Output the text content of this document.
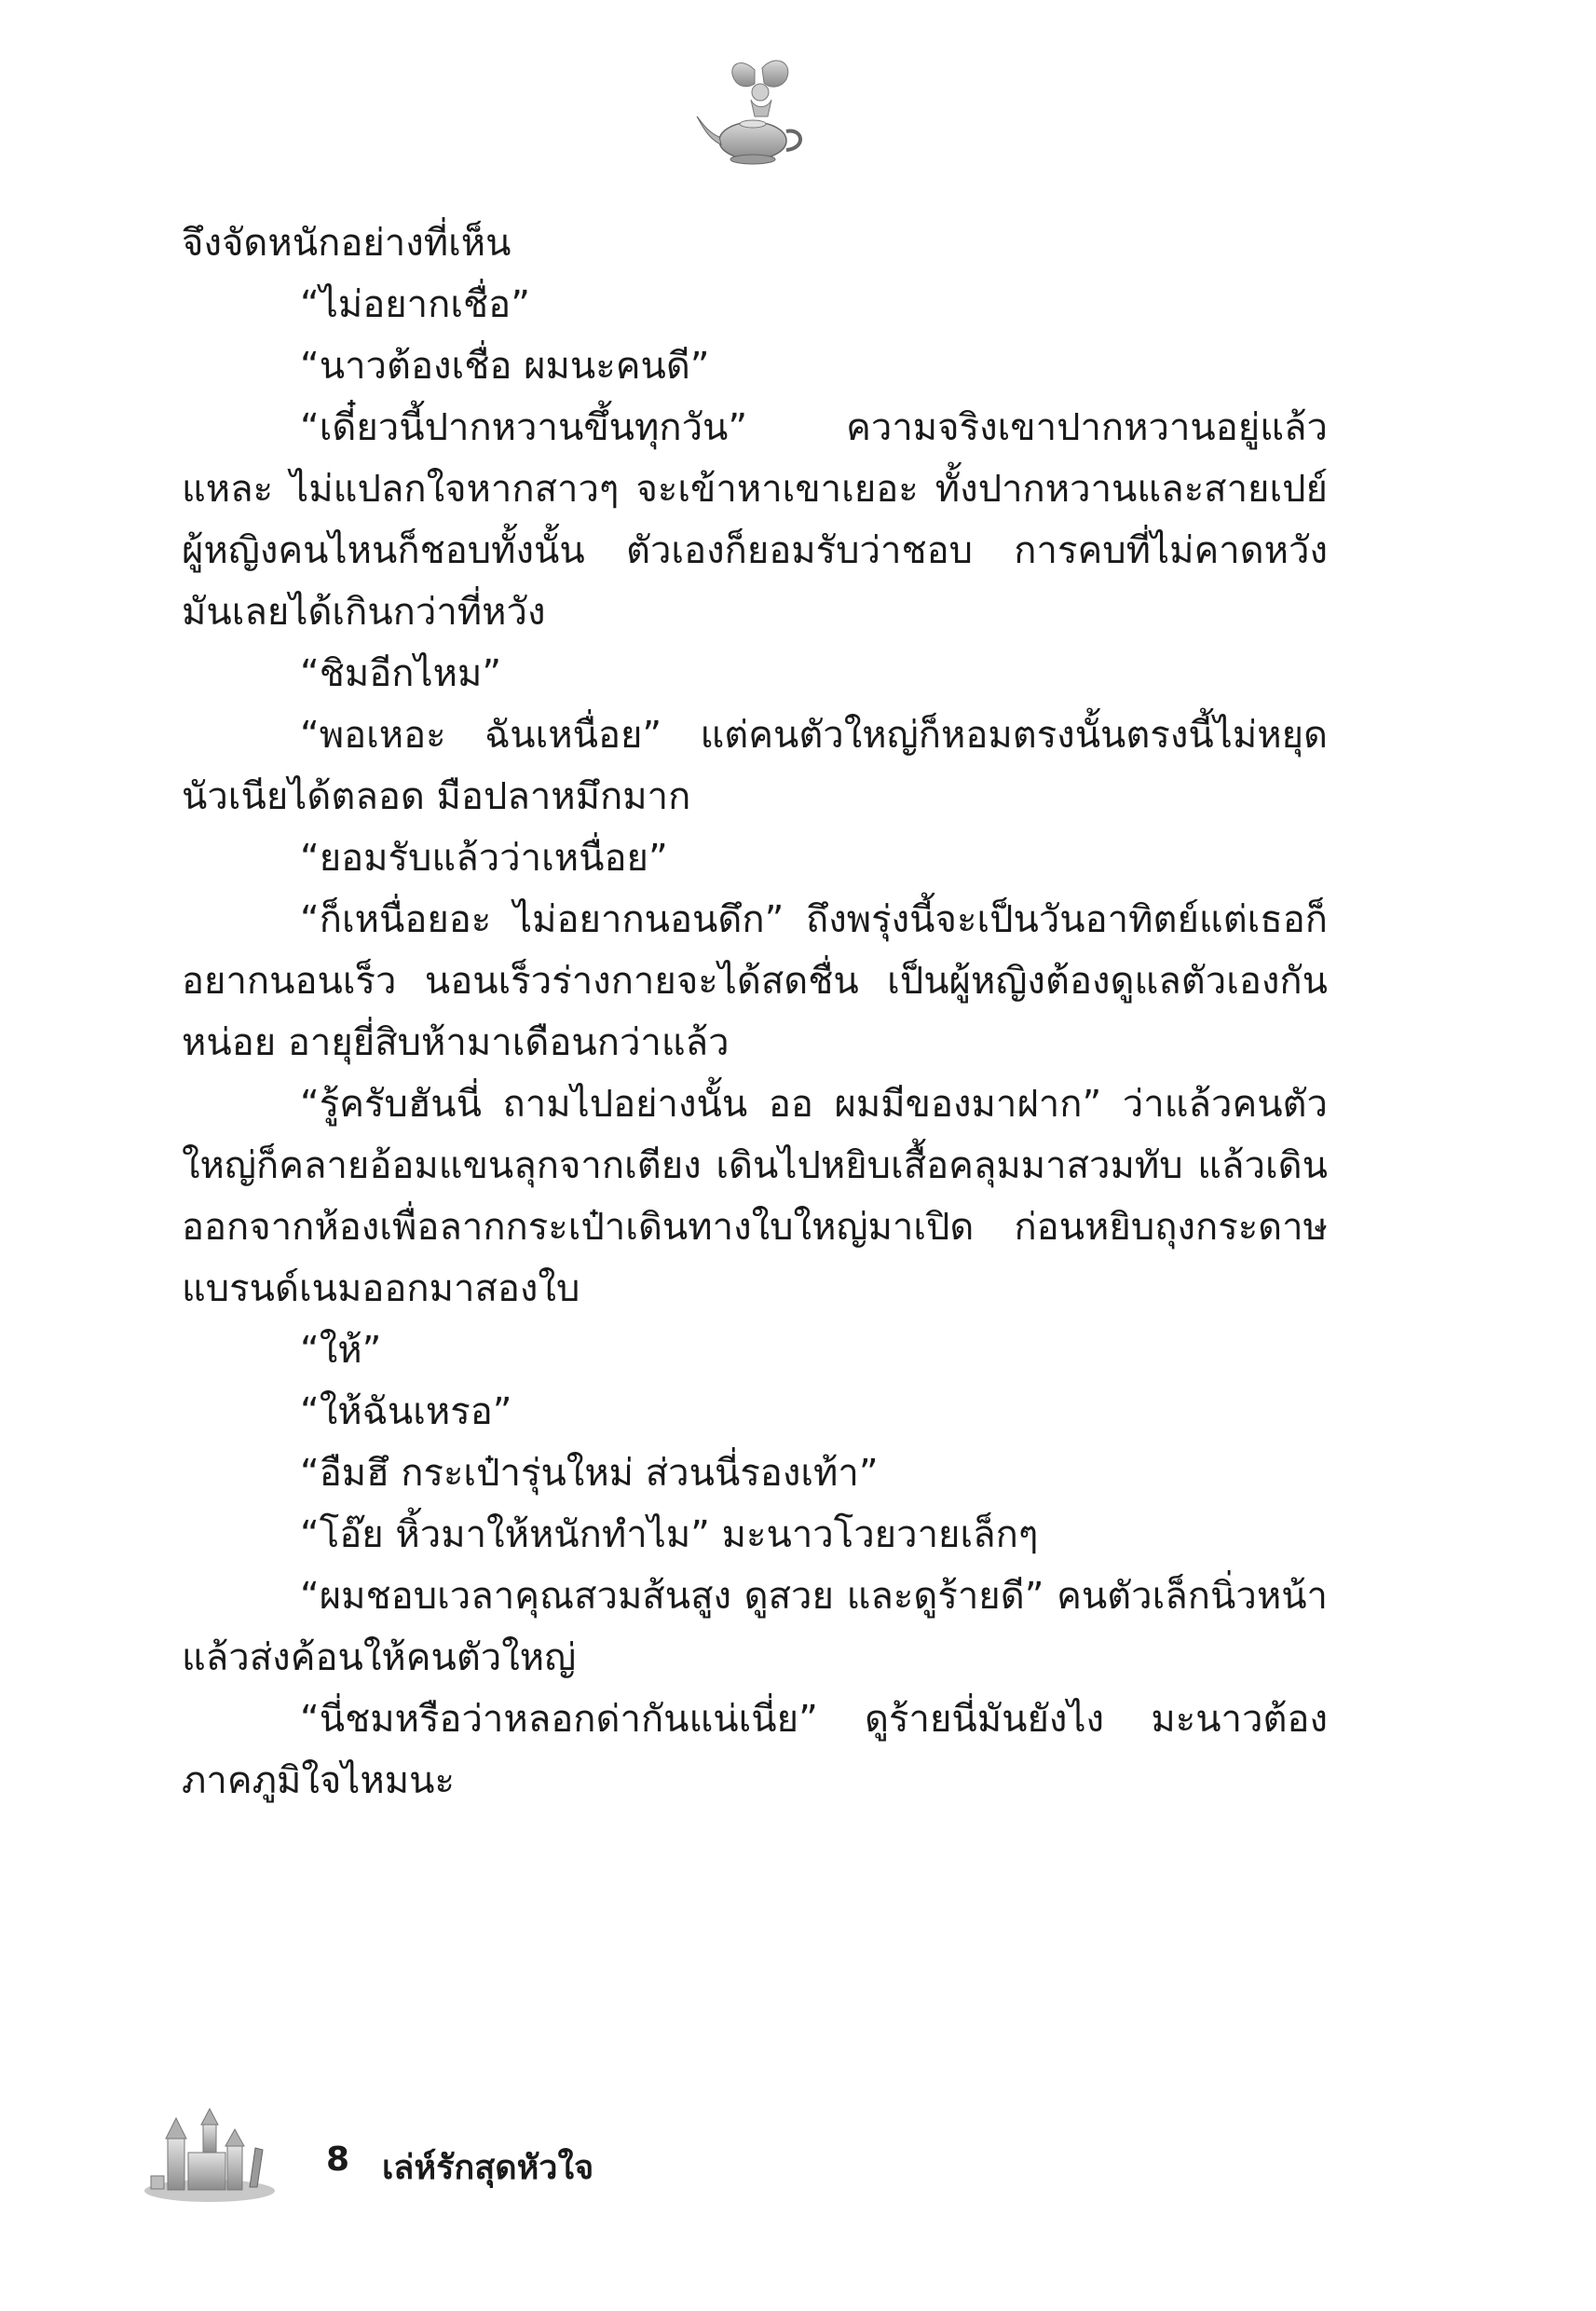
จึงจัดหนักอย่างที่เห็น

“ไม่อยากเชื่อ”

“นาวต้องเชื่อ ผมนะคนดี”

“เดี๋ยวนี้ปากหวานขึ้นทุกวัน” ความจริงเขาปากหวานอยู่แล้วแหละ ไม่แปลกใจหากสาวๆ จะเข้าหาเขาเยอะ ทั้งปากหวานและสายเปย์ ผู้หญิงคนไหนก็ชอบทั้งนั้น ตัวเองก็ยอมรับว่าชอบ การคบที่ไม่คาดหวัง มันเลยได้เกินกว่าที่หวัง

“ชิมอีกไหม”

“พอเหอะ ฉันเหนื่อย” แต่คนตัวใหญ่ก็หอมตรงนั้นตรงนี้ไม่หยุด นัวเนียได้ตลอด มือปลาหมึกมาก

“ยอมรับแล้วว่าเหนื่อย”

“ก็เหนื่อยอะ ไม่อยากนอนดึก” ถึงพรุ่งนี้จะเป็นวันอาทิตย์แต่เธอก็อยากนอนเร็ว นอนเร็วร่างกายจะได้สดชื่น เป็นผู้หญิงต้องดูแลตัวเองกันหน่อย อายุยี่สิบห้ามาเดือนกว่าแล้ว

“รู้ครับฮันนี่ ถามไปอย่างนั้น ออ ผมมีของมาฝาก” ว่าแล้วคนตัวใหญ่ก็คลายอ้อมแขนลุกจากเตียง เดินไปหยิบเสื้อคลุมมาสวมทับ แล้วเดินออกจากห้องเพื่อลากกระเป๋าเดินทางใบใหญ่มาเปิด ก่อนหยิบถุงกระดาษแบรนด์เนมออกมาสองใบ

“ให้”

“ให้ฉันเหรอ”

“อืมฮึ กระเป๋ารุ่นใหม่ ส่วนนี่รองเท้า”

“โอ๊ย หิ้วมาให้หนักทำไม” มะนาวโวยวายเล็กๆ

“ผมชอบเวลาคุณสวมส้นสูง ดูสวย และดูร้ายดี” คนตัวเล็กนิ่วหน้าแล้วส่งค้อนให้คนตัวใหญ่

“นี่ชมหรือว่าหลอกด่ากันแน่เนี่ย” ดูร้ายนี่มันยังไง มะนาวต้องภาคภูมิใจไหมนะ

8 เล่ห์รักสุดหัวใจ
